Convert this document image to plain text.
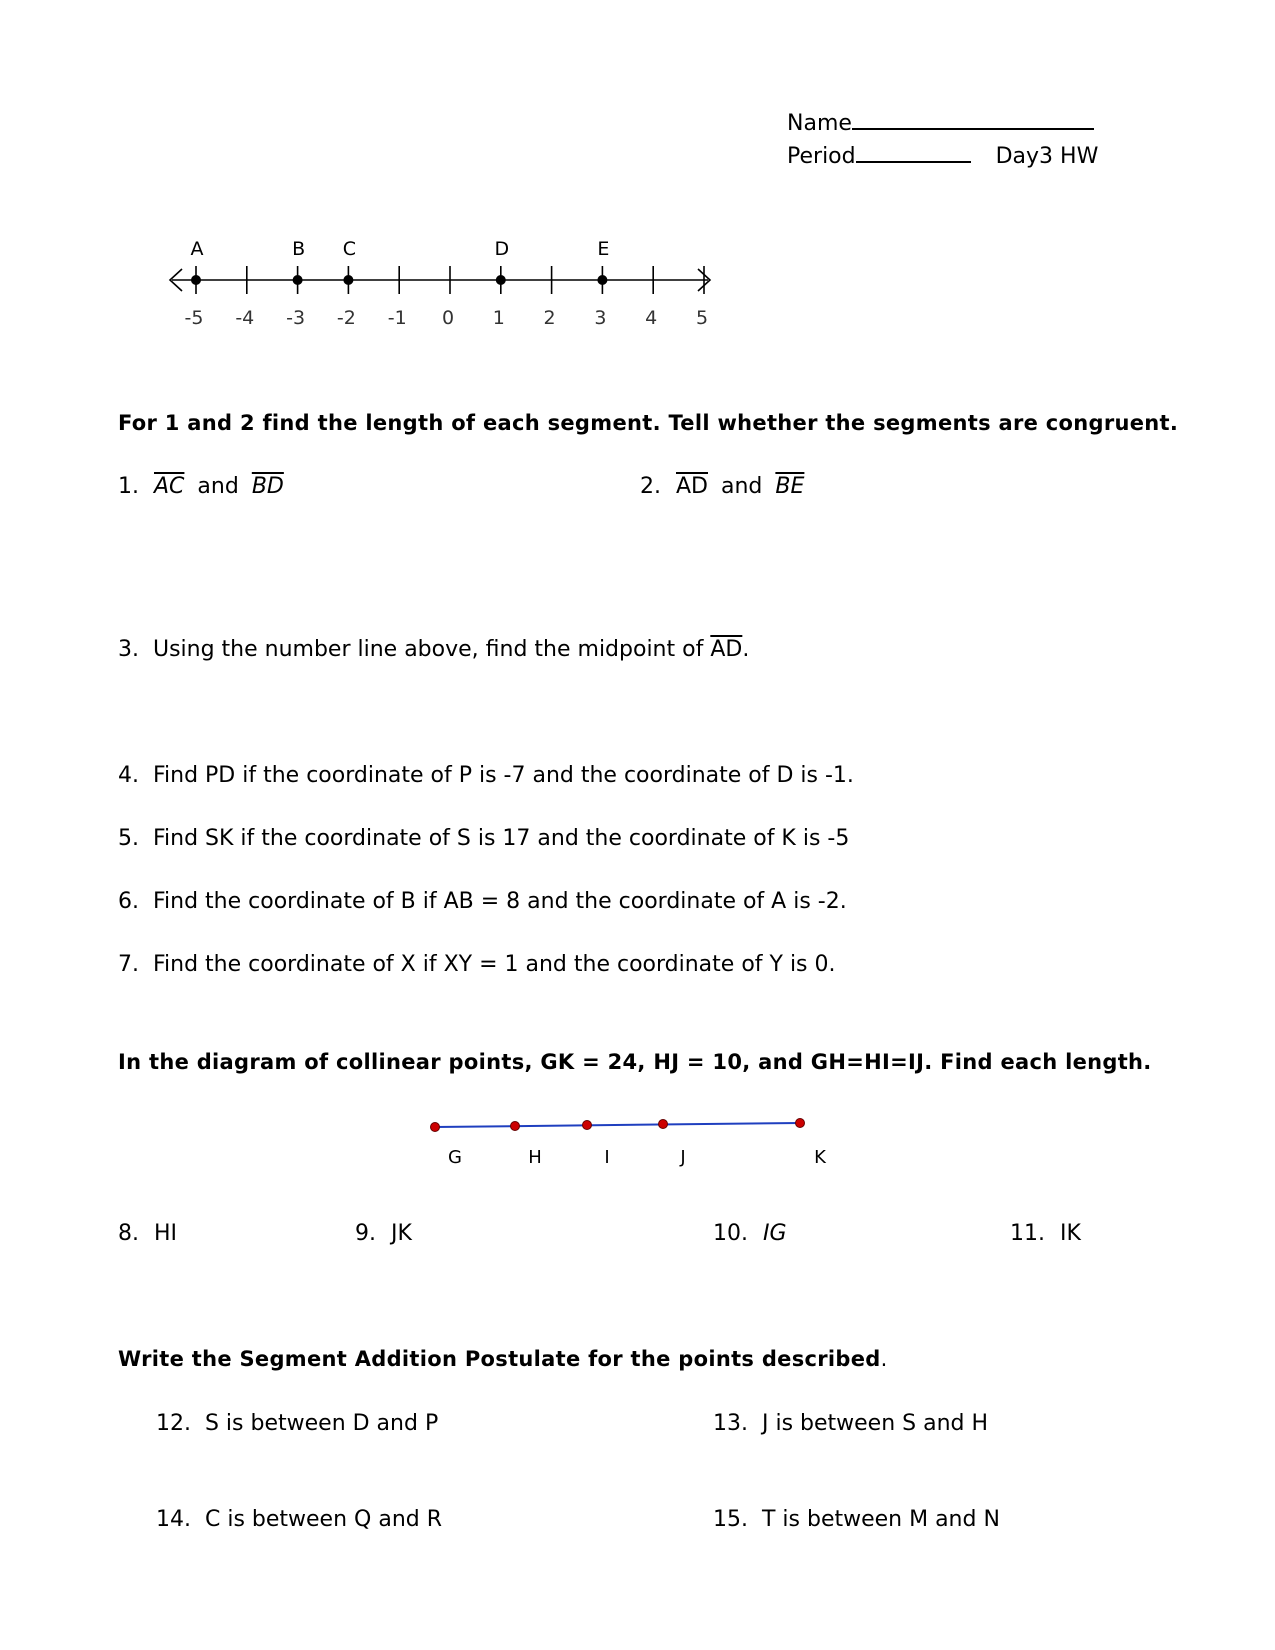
Name
Period	Day3 HW
-5 -4 -3 -2 -1 0 1 2 3 4 5
A	B C	D	E
For 1 and 2 find the length of each segment. Tell whether the segments are congruent.
1. $\overline{AC}$ and $\overline{BD}$	2. $\overline{AD}$ and $\overline{BE}$
3.  Using the number line above, find the midpoint of $\overline{AD}$.
4.  Find PD if the coordinate of P is -7 and the coordinate of D is -1.
5.  Find SK if the coordinate of S is 17 and the coordinate of K is -5
6.  Find the coordinate of B if AB = 8 and the coordinate of A is -2.
7.  Find the coordinate of X if XY = 1 and the coordinate of Y is 0.
In the diagram of collinear points, GK = 24, HJ = 10, and GH=HI=IJ. Find each length.
G	H	I	J	K
8. HI	9. JK	10. IG	11. IK
Write the Segment Addition Postulate for the points described.
12.  S is between D and P	13.  J is between S and H
14.  C is between Q and R	15.  T is between M and N
